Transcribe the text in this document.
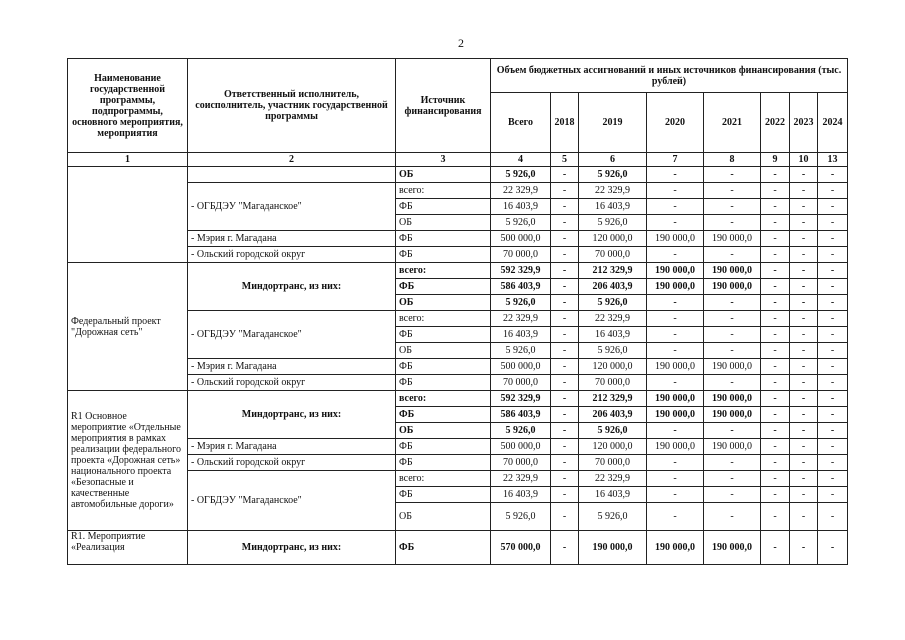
2
Наименование государственной программы, подпрограммы, основного мероприятия, мероприятия	Ответственный исполнитель, соисполнитель, участник государственной программы	Источник финансирования	Объем бюджетных ассигнований и иных источников финансирования (тыс. рублей)							
			Всего	2018	2019	2020	2021	2022	2023	2024
1	2	3	4	5	6	7	8	9	10	13
		ОБ	5 926,0	-	5 926,0	-	-	-	-	-
	- ОГБДЭУ "Магаданское"	всего:	22 329,9	-	22 329,9	-	-	-	-	-
		ФБ	16 403,9	-	16 403,9	-	-	-	-	-
		ОБ	5 926,0	-	5 926,0	-	-	-	-	-
	- Мэрия г. Магадана	ФБ	500 000,0	-	120 000,0	190 000,0	190 000,0	-	-	-
	- Ольский городской округ	ФБ	70 000,0	-	70 000,0	-	-	-	-	-
Федеральный проект "Дорожная сеть"	Миндортранс, из них:	всего:	592 329,9	-	212 329,9	190 000,0	190 000,0	-	-	-
		ФБ	586 403,9	-	206 403,9	190 000,0	190 000,0	-	-	-
		ОБ	5 926,0	-	5 926,0	-	-	-	-	-
	- ОГБДЭУ "Магаданское"	всего:	22 329,9	-	22 329,9	-	-	-	-	-
		ФБ	16 403,9	-	16 403,9	-	-	-	-	-
		ОБ	5 926,0	-	5 926,0	-	-	-	-	-
	- Мэрия г. Магадана	ФБ	500 000,0	-	120 000,0	190 000,0	190 000,0	-	-	-
	- Ольский городской округ	ФБ	70 000,0	-	70 000,0	-	-	-	-	-
R1 Основное мероприятие «Отдельные мероприятия в рамках реализации федерального проекта «Дорожная сеть» национального проекта «Безопасные и качественные автомобильные дороги»	Миндортранс, из них:	всего:	592 329,9	-	212 329,9	190 000,0	190 000,0	-	-	-
		ФБ	586 403,9	-	206 403,9	190 000,0	190 000,0	-	-	-
		ОБ	5 926,0	-	5 926,0	-	-	-	-	-
	- Мэрия г. Магадана	ФБ	500 000,0	-	120 000,0	190 000,0	190 000,0	-	-	-
	- Ольский городской округ	ФБ	70 000,0	-	70 000,0	-	-	-	-	-
	- ОГБДЭУ "Магаданское"	всего:	22 329,9	-	22 329,9	-	-	-	-	-
		ФБ	16 403,9	-	16 403,9	-	-	-	-	-
		ОБ	5 926,0	-	5 926,0	-	-	-	-	-
R1. Мероприятие «Реализация	Миндортранс, из них:	ФБ	570 000,0	-	190 000,0	190 000,0	190 000,0	-	-	-
